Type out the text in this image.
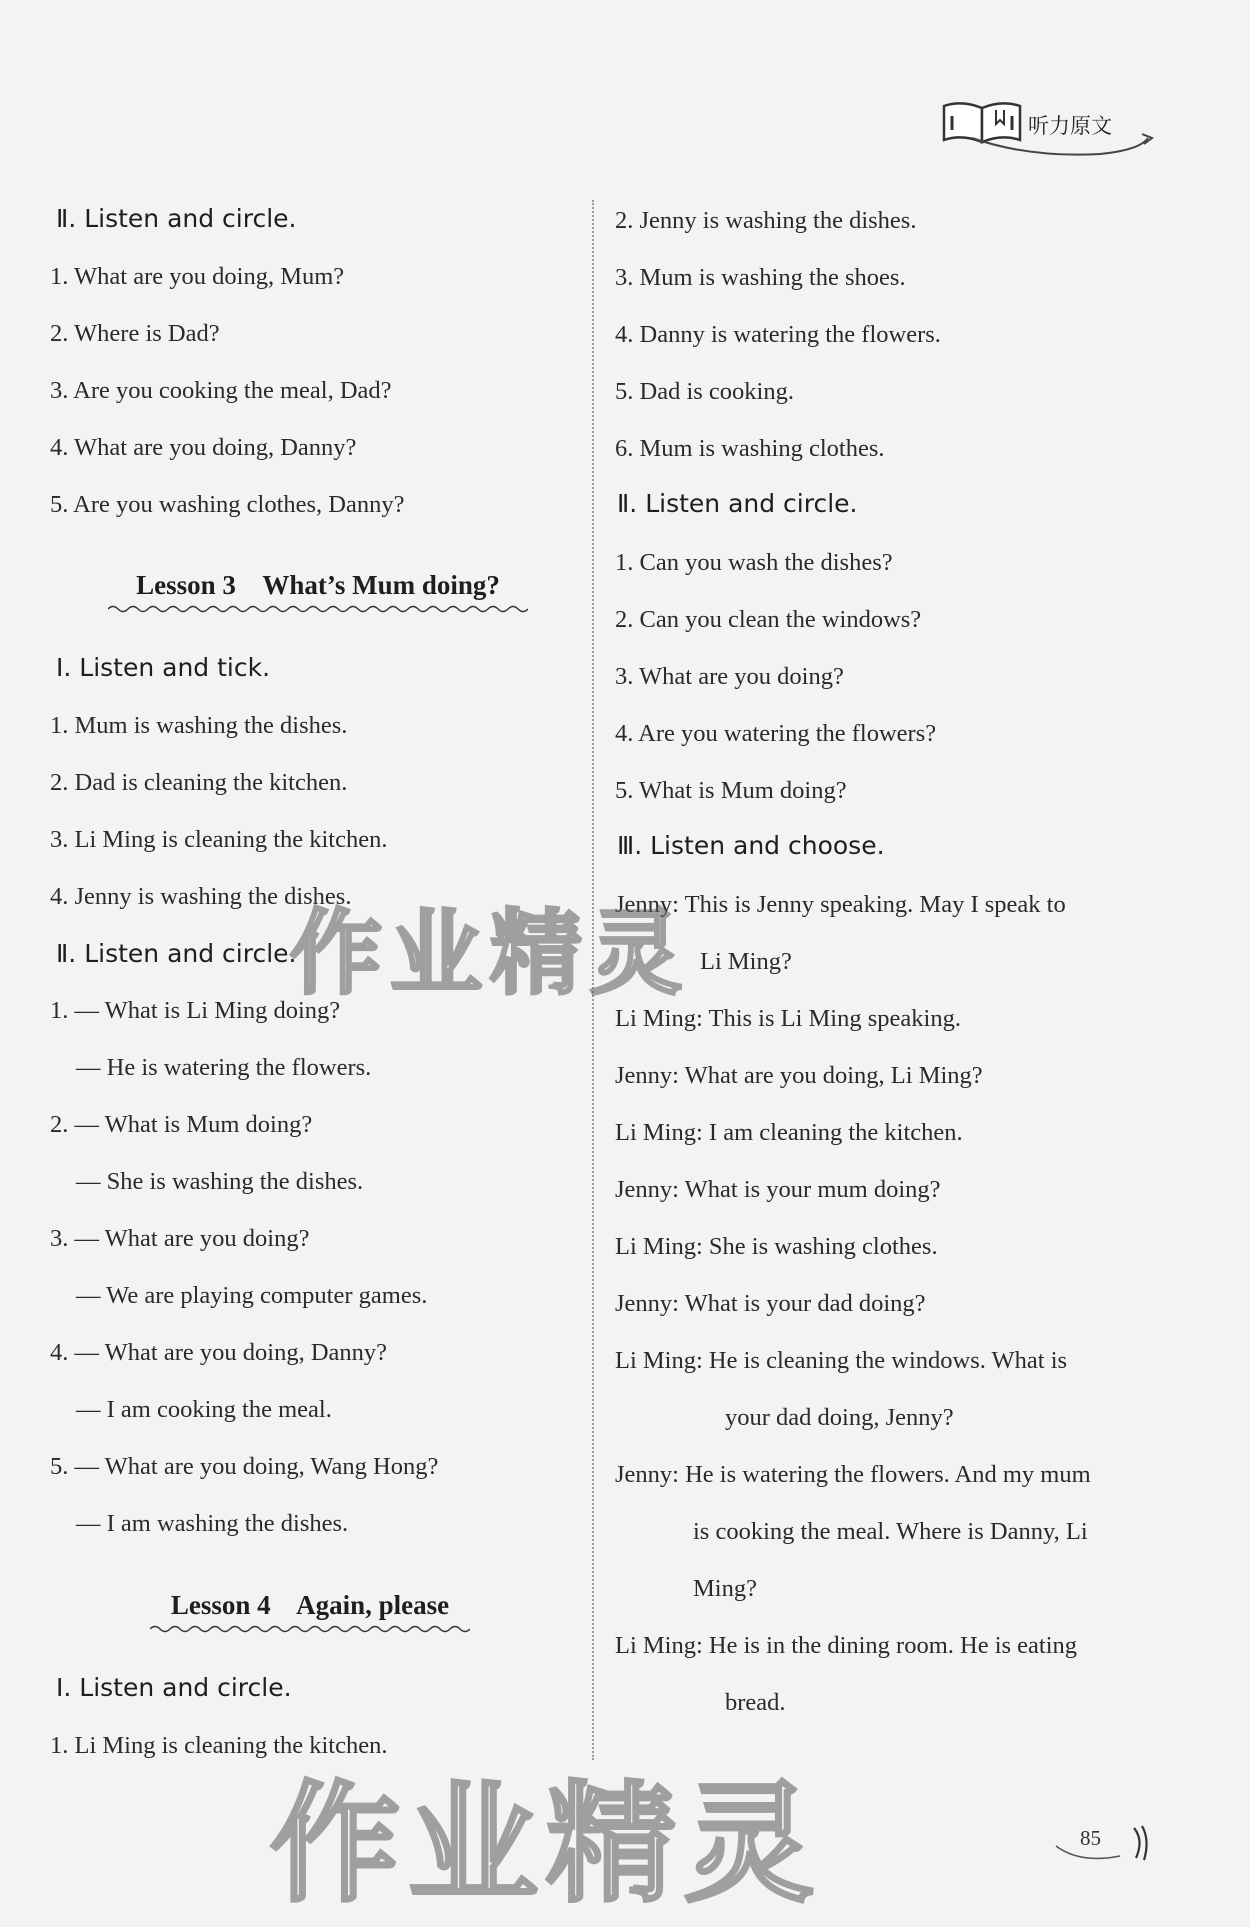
听力原文
Ⅱ. Listen and circle.
1. What are you doing, Mum?
2. Where is Dad?
3. Are you cooking the meal, Dad?
4. What are you doing, Danny?
5. Are you washing clothes, Danny?
Lesson 3    What’s Mum doing?
Ⅰ. Listen and tick.
1. Mum is washing the dishes.
2. Dad is cleaning the kitchen.
3. Li Ming is cleaning the kitchen.
4. Jenny is washing the dishes.
Ⅱ. Listen and circle.
1. — What is Li Ming doing?
— He is watering the flowers.
2. — What is Mum doing?
— She is washing the dishes.
3. — What are you doing?
— We are playing computer games.
4. — What are you doing, Danny?
— I am cooking the meal.
5. — What are you doing, Wang Hong?
— I am washing the dishes.
Lesson 4    Again, please
Ⅰ. Listen and circle.
1. Li Ming is cleaning the kitchen.
2. Jenny is washing the dishes.
3. Mum is washing the shoes.
4. Danny is watering the flowers.
5. Dad is cooking.
6. Mum is washing clothes.
Ⅱ. Listen and circle.
1. Can you wash the dishes?
2. Can you clean the windows?
3. What are you doing?
4. Are you watering the flowers?
5. What is Mum doing?
Ⅲ. Listen and choose.
Jenny: This is Jenny speaking. May I speak to
Li Ming?
Li Ming: This is Li Ming speaking.
Jenny: What are you doing, Li Ming?
Li Ming: I am cleaning the kitchen.
Jenny: What is your mum doing?
Li Ming: She is washing clothes.
Jenny: What is your dad doing?
Li Ming: He is cleaning the windows. What is
your dad doing, Jenny?
Jenny: He is watering the flowers. And my mum
is cooking the meal. Where is Danny, Li
Ming?
Li Ming: He is in the dining room. He is eating
bread.
作业精灵
作业精灵	85
